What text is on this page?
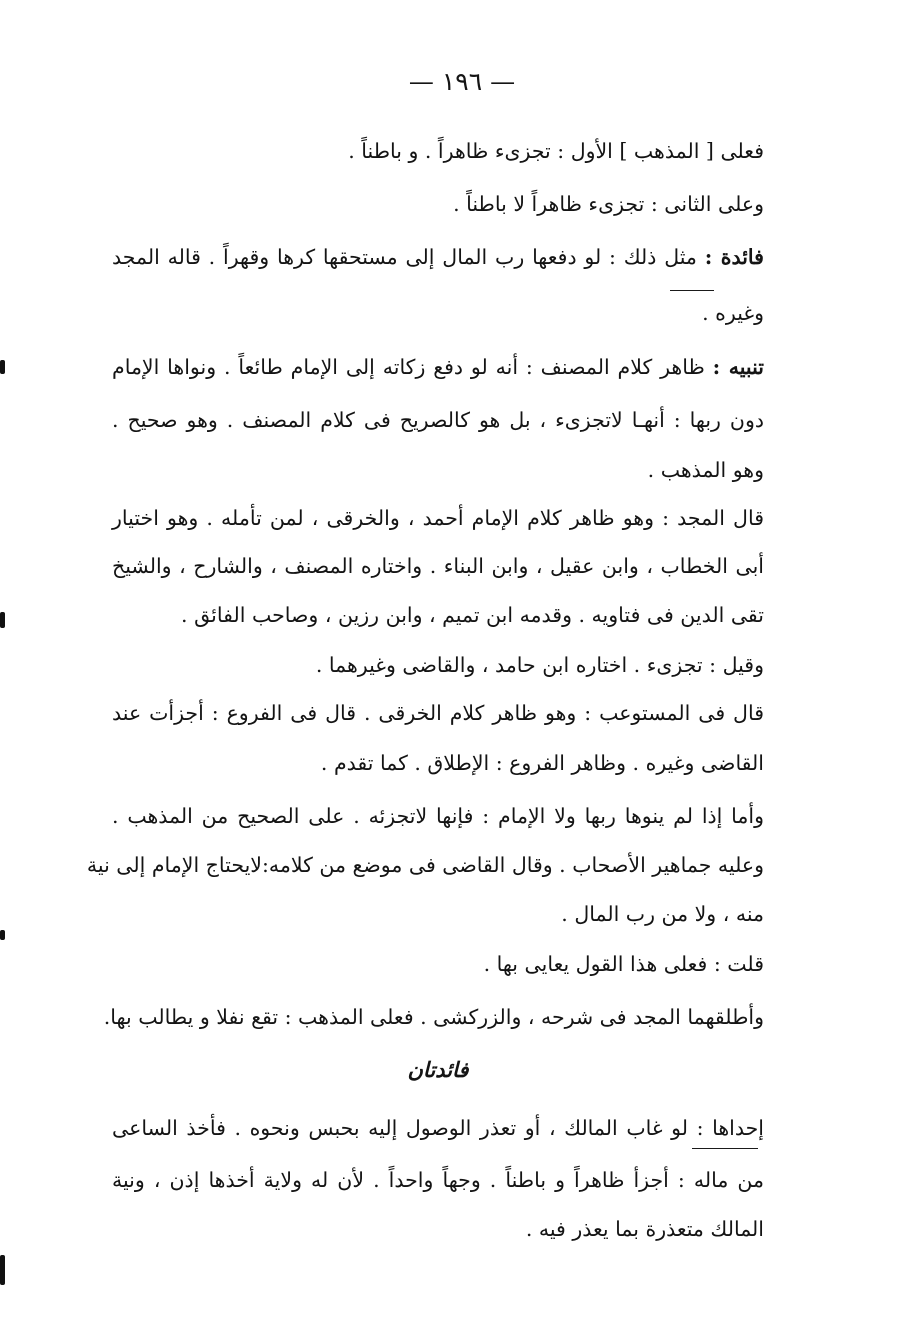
— ١٩٦ —
فعلى [ المذهب ] الأول : تجزىء ظاهراً . و باطناً .
وعلى الثانى : تجزىء ظاهراً لا باطناً .
فائدة : مثل ذلك : لو دفعها رب المال إلى مستحقها كرها وقهراً . قاله المجد
وغيره .
تنبيه : ظاهر كلام المصنف : أنه لو دفع زكاته إلى الإمام طائعاً . ونواها الإمام
دون ربها : أنهـا لاتجزىء ، بل هو كالصريح فى كلام المصنف . وهو صحيح .
وهو المذهب .
قال المجد : وهو ظاهر كلام الإمام أحمد ، والخرقى ، لمن تأمله . وهو اختيار
أبى الخطاب ، وابن عقيل ، وابن البناء . واختاره المصنف ، والشارح ، والشيخ
تقى الدين فى فتاويه . وقدمه ابن تميم ، وابن رزين ، وصاحب الفائق .
وقيل : تجزىء . اختاره ابن حامد ، والقاضى وغيرهما .
قال فى المستوعب : وهو ظاهر كلام الخرقى . قال فى الفروع : أجزأت عند
القاضى وغيره . وظاهر الفروع : الإطلاق . كما تقدم .
وأما إذا لم ينوها ربها ولا الإمام : فإنها لاتجزئه . على الصحيح من المذهب .
وعليه جماهير الأصحاب . وقال القاضى فى موضع من كلامه:لايحتاج الإمام إلى نية
منه ، ولا من رب المال .
قلت : فعلى هذا القول يعايى بها .
وأطلقهما المجد فى شرحه ، والزركشى . فعلى المذهب : تقع نفلا و يطالب بها.
فائدتان
إحداها : لو غاب المالك ، أو تعذر الوصول إليه بحبس ونحوه . فأخذ الساعى
من ماله : أجزأ ظاهراً و باطناً . وجهاً واحداً . لأن له ولاية أخذها إذن ، ونية
المالك متعذرة بما يعذر فيه .
